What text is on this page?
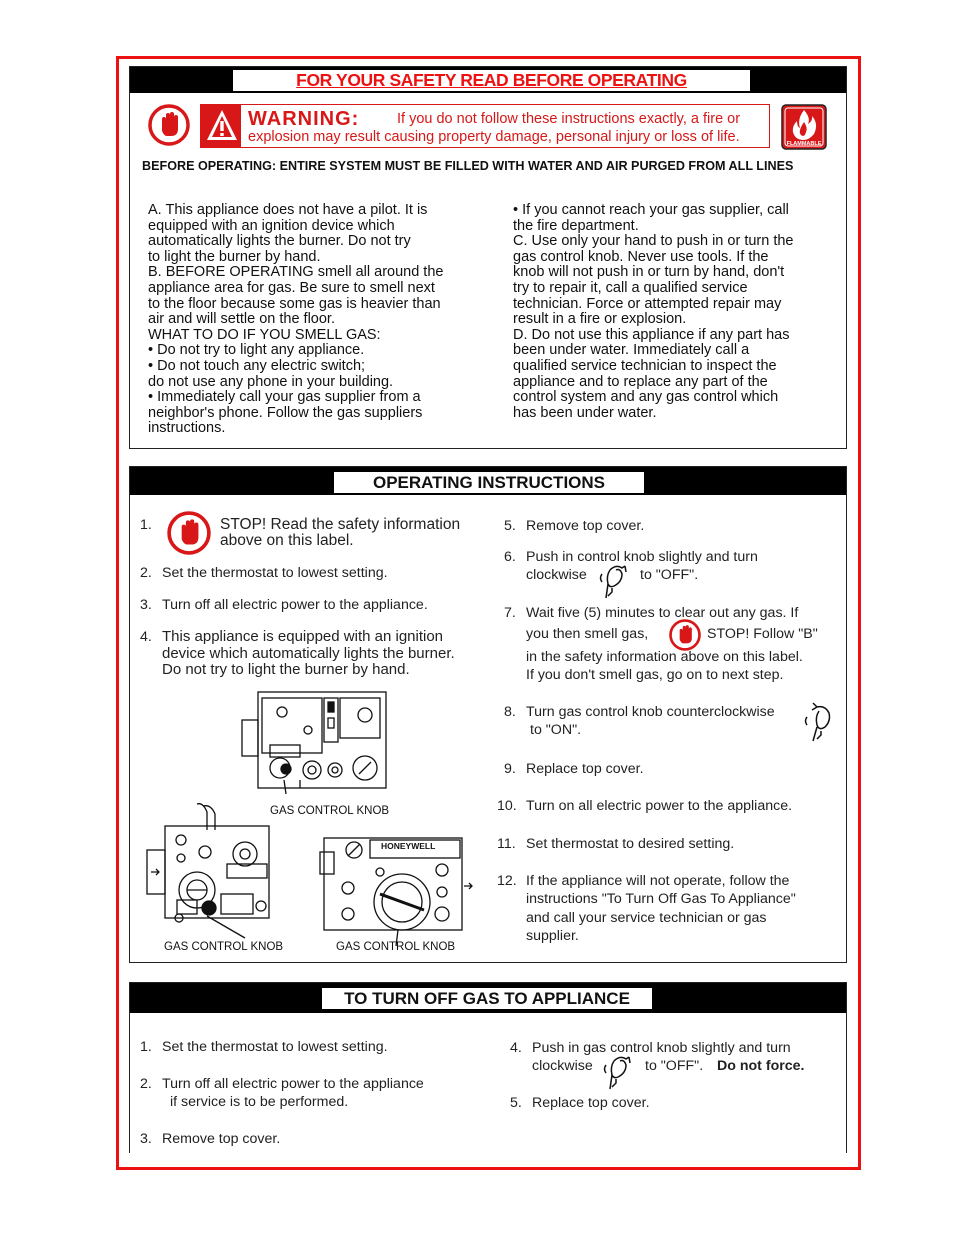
FOR YOUR SAFETY READ BEFORE OPERATING
WARNING:	If you do not follow these instructions exactly, a fire or
explosion may result causing property damage, personal injury or loss of life.	FLAMMABLE
BEFORE OPERATING: ENTIRE SYSTEM MUST BE FILLED WITH WATER AND AIR PURGED FROM ALL LINES
A. This appliance does not have a pilot. It is
equipped with an ignition device which
automatically lights the burner. Do not try
to light the burner by hand.
B. BEFORE OPERATING smell all around the
appliance area for gas. Be sure to smell next
to the floor because some gas is heavier than
air and will settle on the floor.
WHAT TO DO IF YOU SMELL GAS:
• Do not try to light any appliance.
• Do not touch any electric switch;
do not use any phone in your building.
• Immediately call your gas supplier from a
neighbor's phone. Follow the gas suppliers
instructions.
• If you cannot reach your gas supplier, call
the fire department.
C. Use only your hand to push in or turn the
gas control knob. Never use tools. If the
knob will not push in or turn by hand, don't
try to repair it, call a qualified service
technician. Force or attempted repair may
result in a fire or explosion.
D. Do not use this appliance if any part has
been under water. Immediately call a
qualified service technician to inspect the
appliance and to replace any part of the
control system and any gas control which
has been under water.
OPERATING INSTRUCTIONS
1.	STOP! Read the safety information
above on this label.
2. Set the thermostat to lowest setting.
3. Turn off all electric power to the appliance.
4. This appliance is equipped with an ignition
device which automatically lights the burner.
Do not try to light the burner by hand.
GAS CONTROL KNOB
GAS CONTROL KNOB
HONEYWELL
GAS CONTROL KNOB
5. Remove top cover.
6. Push in control knob slightly and turn
clockwise	to "OFF".
7. Wait five (5) minutes to clear out any gas. If
you then smell gas,	STOP! Follow "B"
in the safety information above on this label.
If you don't smell gas, go on to next step.
8. Turn gas control knob counterclockwise
to "ON".
9. Replace top cover.
10. Turn on all electric power to the appliance.
11. Set thermostat to desired setting.
12. If the appliance will not operate, follow the
instructions "To Turn Off Gas To Appliance"
and call your service technician or gas
supplier.
TO TURN OFF GAS TO APPLIANCE
1. Set the thermostat to lowest setting.
2. Turn off all electric power to the appliance
if service is to be performed.
3. Remove top cover.
4. Push in gas control knob slightly and turn
clockwise	to "OFF". Do not force.
5. Replace top cover.
